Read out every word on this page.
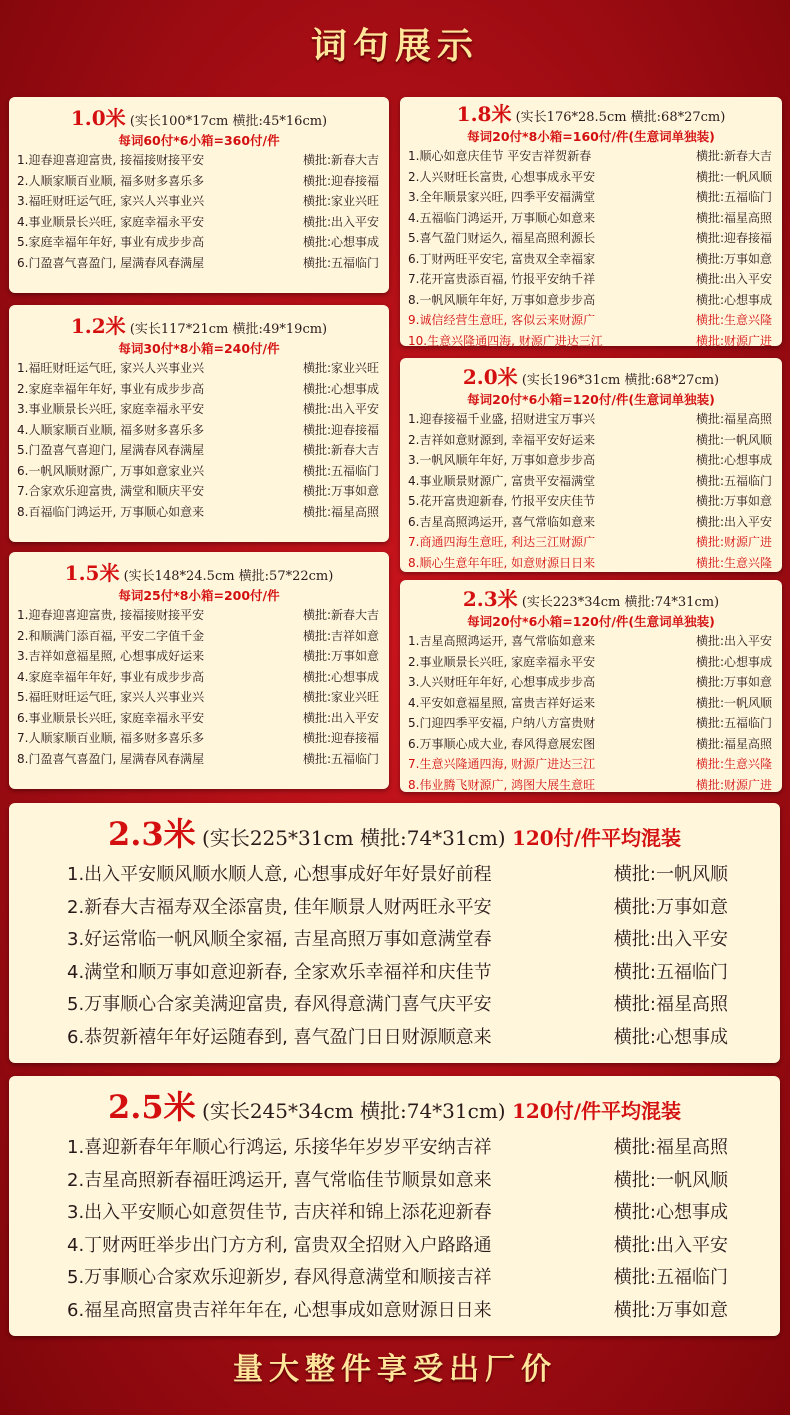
词句展示
1.0米 (实长100*17cm 横批:45*16cm)
每词60付*6小箱=360付/件
1.迎春迎喜迎富贵, 接福接财接平安	横批:新春大吉
2.人顺家顺百业顺, 福多财多喜乐多	横批:迎春接福
3.福旺财旺运气旺, 家兴人兴事业兴	横批:家业兴旺
4.事业顺景长兴旺, 家庭幸福永平安	横批:出入平安
5.家庭幸福年年好, 事业有成步步高	横批:心想事成
6.门盈喜气喜盈门, 屋满春风春满屋	横批:五福临门
1.2米 (实长117*21cm 横批:49*19cm)
每词30付*8小箱=240付/件
1.福旺财旺运气旺, 家兴人兴事业兴	横批:家业兴旺
2.家庭幸福年年好, 事业有成步步高	横批:心想事成
3.事业顺景长兴旺, 家庭幸福永平安	横批:出入平安
4.人顺家顺百业顺, 福多财多喜乐多	横批:迎春接福
5.门盈喜气喜迎门, 屋满春风春满屋	横批:新春大吉
6.一帆风顺财源广, 万事如意家业兴	横批:五福临门
7.合家欢乐迎富贵, 满堂和顺庆平安	横批:万事如意
8.百福临门鸿运开, 万事顺心如意来	横批:福星高照
1.5米 (实长148*24.5cm 横批:57*22cm)
每词25付*8小箱=200付/件
1.迎春迎喜迎富贵, 接福接财接平安	横批:新春大吉
2.和顺满门添百福, 平安二字值千金	横批:吉祥如意
3.吉祥如意福星照, 心想事成好运来	横批:万事如意
4.家庭幸福年年好, 事业有成步步高	横批:心想事成
5.福旺财旺运气旺, 家兴人兴事业兴	横批:家业兴旺
6.事业顺景长兴旺, 家庭幸福永平安	横批:出入平安
7.人顺家顺百业顺, 福多财多喜乐多	横批:迎春接福
8.门盈喜气喜盈门, 屋满春风春满屋	横批:五福临门
1.8米 (实长176*28.5cm 横批:68*27cm)
每词20付*8小箱=160付/件(生意词单独装)
1.顺心如意庆佳节 平安吉祥贺新春	横批:新春大吉
2.人兴财旺长富贵, 心想事成永平安	横批:一帆风顺
3.全年顺景家兴旺, 四季平安福满堂	横批:五福临门
4.五福临门鸿运开, 万事顺心如意来	横批:福星高照
5.喜气盈门财运久, 福星高照利源长	横批:迎春接福
6.丁财两旺平安宅, 富贵双全幸福家	横批:万事如意
7.花开富贵添百福, 竹报平安纳千祥	横批:出入平安
8.一帆风顺年年好, 万事如意步步高	横批:心想事成
9.诚信经营生意旺, 客似云来财源广	横批:生意兴隆
10.生意兴隆通四海, 财源广进达三江	横批:财源广进
2.0米 (实长196*31cm 横批:68*27cm)
每词20付*6小箱=120付/件(生意词单独装)
1.迎春接福千业盛, 招财进宝万事兴	横批:福星高照
2.吉祥如意财源到, 幸福平安好运来	横批:一帆风顺
3.一帆风顺年年好, 万事如意步步高	横批:心想事成
4.事业顺景财源广, 富贵平安福满堂	横批:五福临门
5.花开富贵迎新春, 竹报平安庆佳节	横批:万事如意
6.吉星高照鸿运开, 喜气常临如意来	横批:出入平安
7.商通四海生意旺, 利达三江财源广	横批:财源广进
8.顺心生意年年旺, 如意财源日日来	横批:生意兴隆
2.3米 (实长223*34cm 横批:74*31cm)
每词20付*6小箱=120付/件(生意词单独装)
1.吉星高照鸿运开, 喜气常临如意来	横批:出入平安
2.事业顺景长兴旺, 家庭幸福永平安	横批:心想事成
3.人兴财旺年年好, 心想事成步步高	横批:万事如意
4.平安如意福星照, 富贵吉祥好运来	横批:一帆风顺
5.门迎四季平安福, 户纳八方富贵财	横批:五福临门
6.万事顺心成大业, 春风得意展宏图	横批:福星高照
7.生意兴隆通四海, 财源广进达三江	横批:生意兴隆
8.伟业腾飞财源广, 鸿图大展生意旺	横批:财源广进
2.3米 (实长225*31cm 横批:74*31cm) 120付/件平均混装
1.出入平安顺风顺水顺人意, 心想事成好年好景好前程	横批:一帆风顺
2.新春大吉福寿双全添富贵, 佳年顺景人财两旺永平安	横批:万事如意
3.好运常临一帆风顺全家福, 吉星高照万事如意满堂春	横批:出入平安
4.满堂和顺万事如意迎新春, 全家欢乐幸福祥和庆佳节	横批:五福临门
5.万事顺心合家美满迎富贵, 春风得意满门喜气庆平安	横批:福星高照
6.恭贺新禧年年好运随春到, 喜气盈门日日财源顺意来	横批:心想事成
2.5米 (实长245*34cm 横批:74*31cm) 120付/件平均混装
1.喜迎新春年年顺心行鸿运, 乐接华年岁岁平安纳吉祥	横批:福星高照
2.吉星高照新春福旺鸿运开, 喜气常临佳节顺景如意来	横批:一帆风顺
3.出入平安顺心如意贺佳节, 吉庆祥和锦上添花迎新春	横批:心想事成
4.丁财两旺举步出门方方利, 富贵双全招财入户路路通	横批:出入平安
5.万事顺心合家欢乐迎新岁, 春风得意满堂和顺接吉祥	横批:五福临门
6.福星高照富贵吉祥年年在, 心想事成如意财源日日来	横批:万事如意
量大整件享受出厂价
